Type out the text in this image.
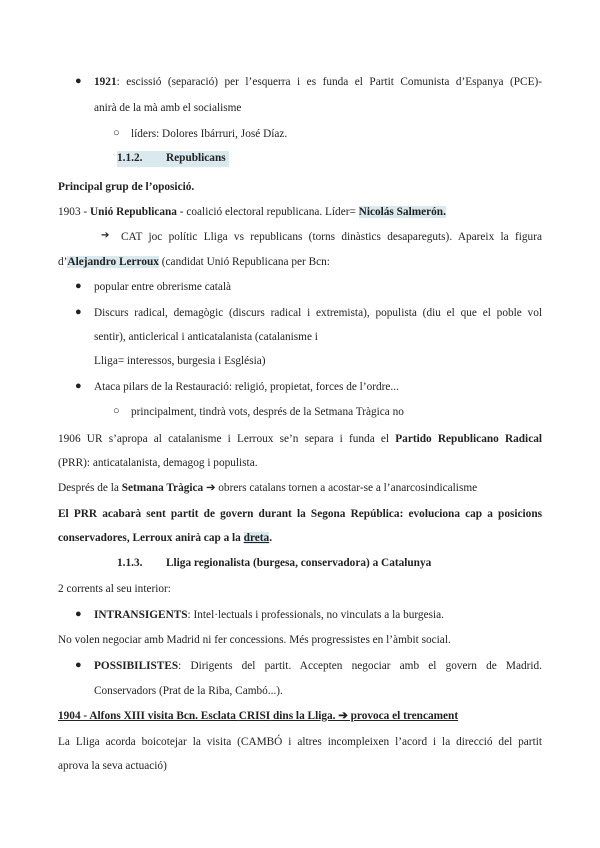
● 1921: escissió (separació) per l’esquerra i es funda el Partit Comunista d’Espanya (PCE)-
anirà de la mà amb el socialisme
○ líders: Dolores Ibárruri, José Díaz.
1.1.2. Republicans
Principal grup de l’oposició.
1903 - Unió Republicana - coalició electoral republicana. Líder= Nicolás Salmerón.
➔ CAT joc polític Lliga vs republicans (torns dinàstics desapareguts). Apareix la figura
d’Alejandro Lerroux (candidat Unió Republicana per Bcn:
● popular entre obrerisme català
● Discurs radical, demagògic (discurs radical i extremista), populista (diu el que el poble vol
sentir), anticlerical i anticatalanista (catalanisme i
Lliga= interessos, burgesia i Església)
● Ataca pilars de la Restauració: religió, propietat, forces de l’ordre...
○ principalment, tindrà vots, després de la Setmana Tràgica no
1906 UR s’apropa al catalanisme i Lerroux se’n separa i funda el Partido Republicano Radical
(PRR): anticatalanista, demagog i populista.
Després de la Setmana Tràgica ➔ obrers catalans tornen a acostar-se a l’anarcosindicalisme
El PRR acabarà sent partit de govern durant la Segona República: evoluciona cap a posicions
conservadores, Lerroux anirà cap a la dreta.
1.1.3. Lliga regionalista (burgesa, conservadora) a Catalunya
2 corrents al seu interior:
● INTRANSIGENTS: Intel·lectuals i professionals, no vinculats a la burgesia.
No volen negociar amb Madrid ni fer concessions. Més progressistes en l’àmbit social.
● POSSIBILISTES: Dirigents del partit. Accepten negociar amb el govern de Madrid.
Conservadors (Prat de la Riba, Cambó...).
1904 - Alfons XIII visita Bcn. Esclata CRISI dins la Lliga. ➔ provoca el trencament
La Lliga acorda boicotejar la visita (CAMBÓ i altres incompleixen l’acord i la direcció del partit
aprova la seva actuació)
